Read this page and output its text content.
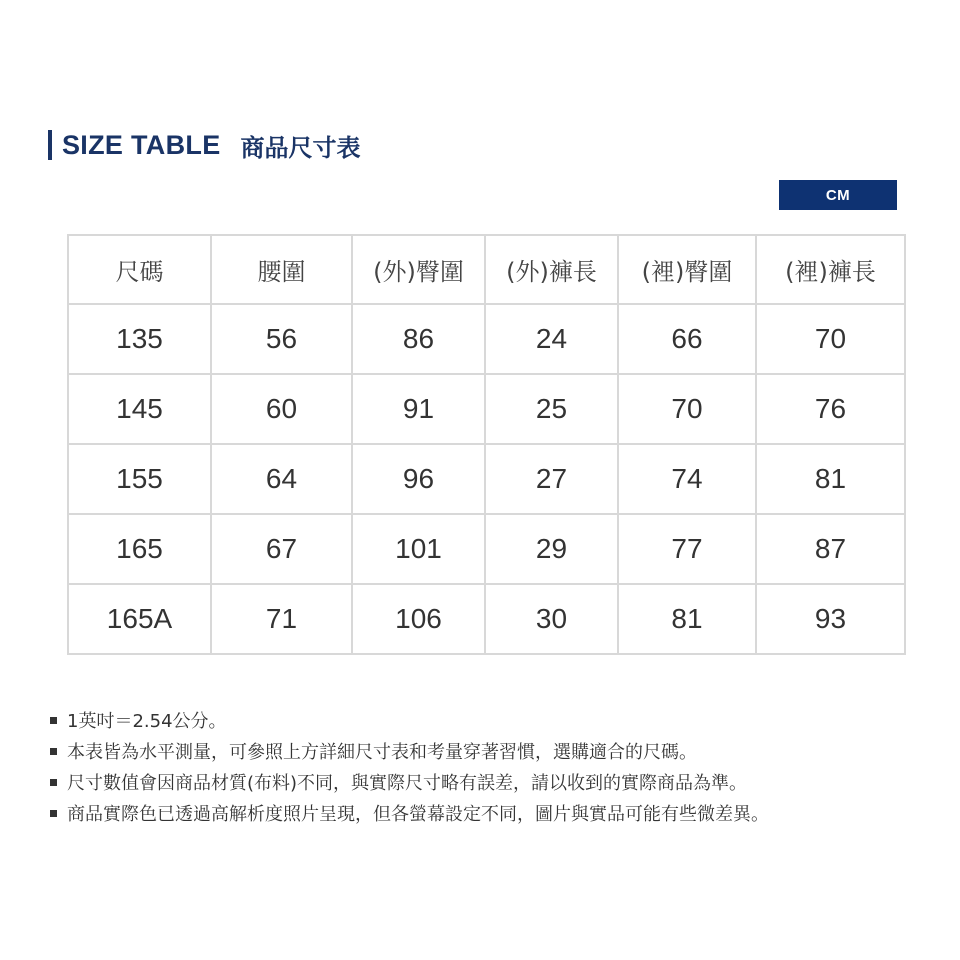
SIZE TABLE 商品尺寸表
CM
尺碼	腰圍	(外)臀圍	(外)褲長	(裡)臀圍	(裡)褲長
135	56	86	24	66	70
145	60	91	25	70	76
155	64	96	27	74	81
165	67	101	29	77	87
165A	71	106	30	81	93
1英吋＝2.54公分。
本表皆為水平測量，可參照上方詳細尺寸表和考量穿著習慣，選購適合的尺碼。
尺寸數值會因商品材質(布料)不同，與實際尺寸略有誤差，請以收到的實際商品為準。
商品實際色已透過高解析度照片呈現，但各螢幕設定不同，圖片與實品可能有些微差異。
